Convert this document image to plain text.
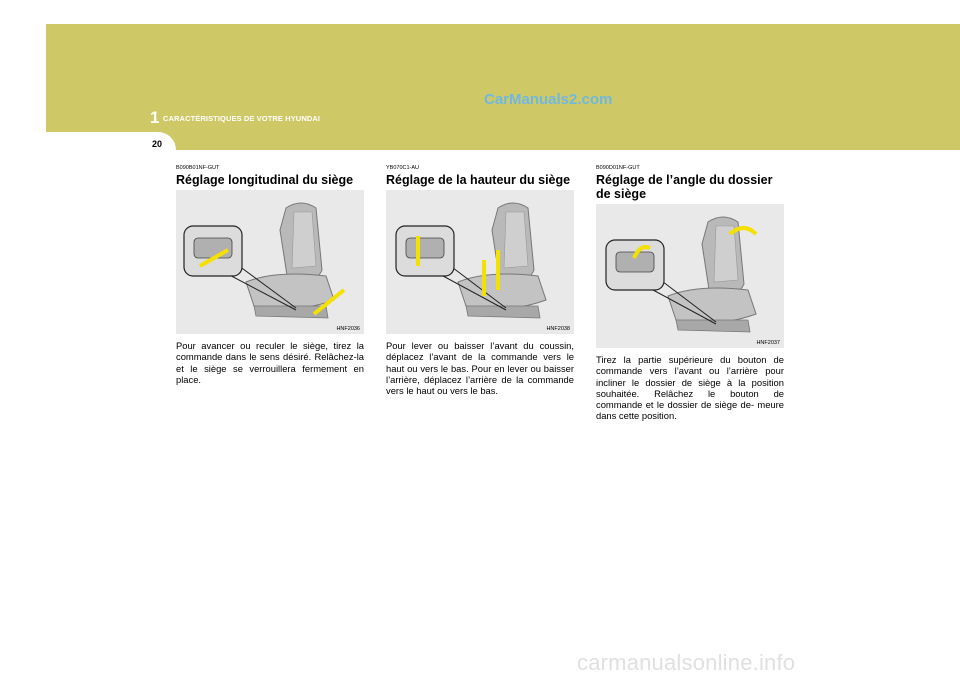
1 CARACTÉRISTIQUES DE VOTRE HYUNDAI
CarManuals2.com
20

B090B01NF-GUT

Réglage longitudinal du siège

HNF2036

Pour avancer ou reculer le siège, tirez la commande dans le sens désiré. Relâchez-la et le siège se verrouillera fermement en place.

YB070C1-AU

Réglage de la hauteur du siège

HNF2038

Pour lever ou baisser l’avant du coussin, déplacez l’avant de la commande vers le haut ou vers le bas. Pour en lever ou baisser l’arrière, déplacez l’arrière de la commande vers le haut ou vers le bas.

B090D01NF-GUT

Réglage de l’angle du dossier de siège

HNF2037

Tirez la partie supérieure du bouton de commande vers l’avant ou l’arrière pour incliner le dossier de siège à la position souhaitée. Relâchez le bouton de commande et le dossier de siège de- meure dans cette position.

carmanualsonline.info
